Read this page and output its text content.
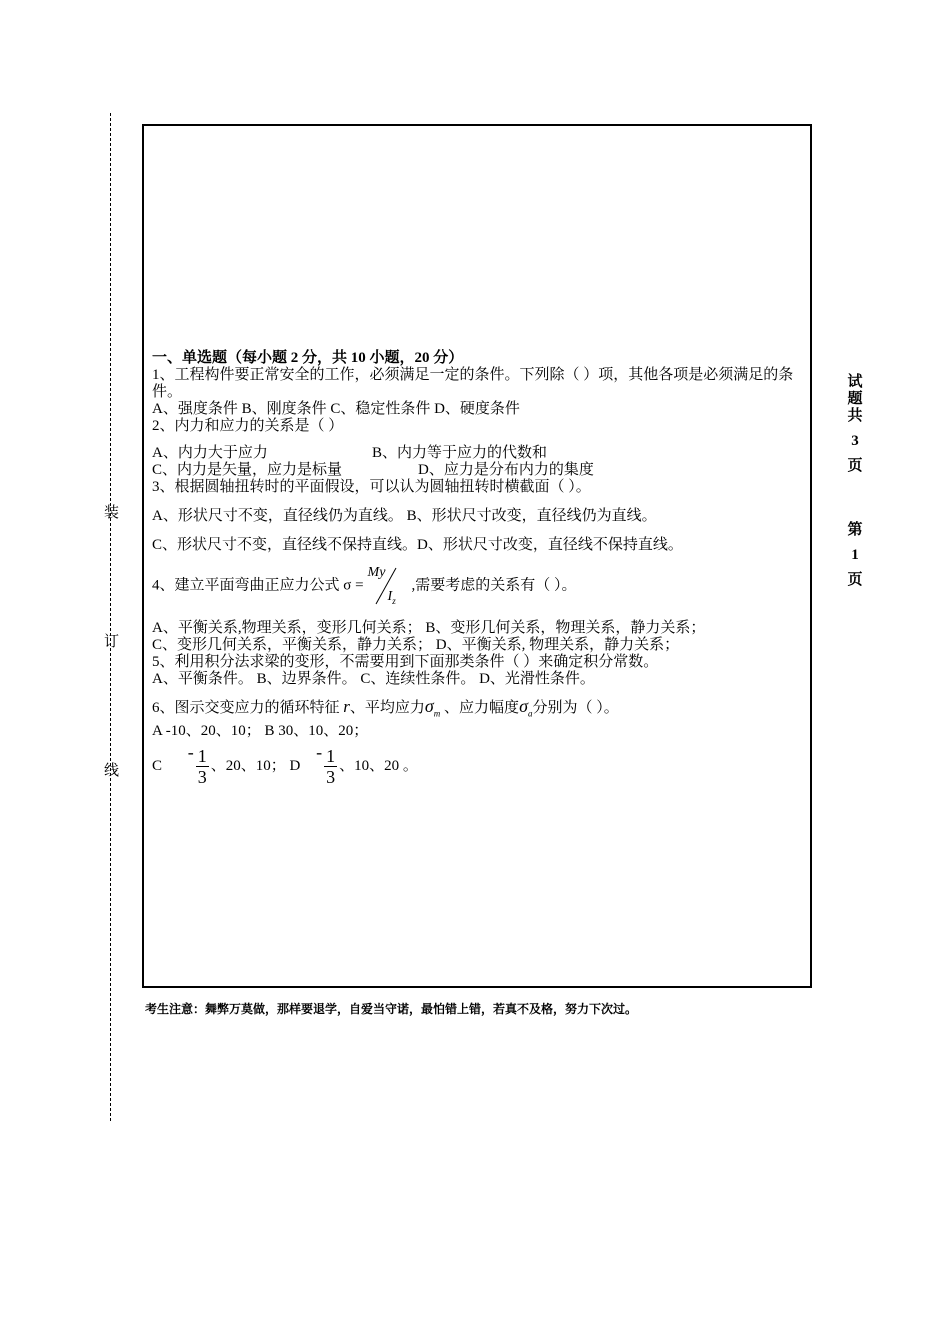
装
订
线
一、单选题（每小题 2 分，共 10 小题，20 分）
1、工程构件要正常安全的工作，必须满足一定的条件。下列除（ ）项，其他各项是必须满足的条件。
A、强度条件 B、刚度条件 C、稳定性条件 D、硬度条件
2、内力和应力的关系是（ ）
A、内力大于应力	B、内力等于应力的代数和
C、内力是矢量，应力是标量	D、应力是分布内力的集度
3、根据圆轴扭转时的平面假设，可以认为圆轴扭转时横截面（ ）。
A、形状尺寸不变，直径线仍为直线。 B、形状尺寸改变，直径线仍为直线。
C、形状尺寸不变，直径线不保持直线。D、形状尺寸改变，直径线不保持直线。
4、建立平面弯曲正应力公式 σ =
My
$I_z$
,需要考虑的关系有（ ）。
A、平衡关系,物理关系，变形几何关系； B、变形几何关系，物理关系，静力关系；
C、变形几何关系，平衡关系，静力关系； D、平衡关系, 物理关系，静力关系；
5、利用积分法求梁的变形，不需要用到下面那类条件（ ）来确定积分常数。
A、平衡条件。 B、边界条件。 C、连续性条件。 D、光滑性条件。
6、图示交变应力的循环特征 r、平均应力$\sigma_m$ 、应力幅度$\sigma_a$分别为（ ）。
A -10、20、10； B 30、10、20；
C - $\frac{1}{3}$ 、20、10； D - $\frac{1}{3}$ 、10、20 。
考生注意：舞弊万莫做，那样要退学，自爱当守诺，最怕错上错，若真不及格，努力下次过。
试
题
共
3
页
第
1
页
